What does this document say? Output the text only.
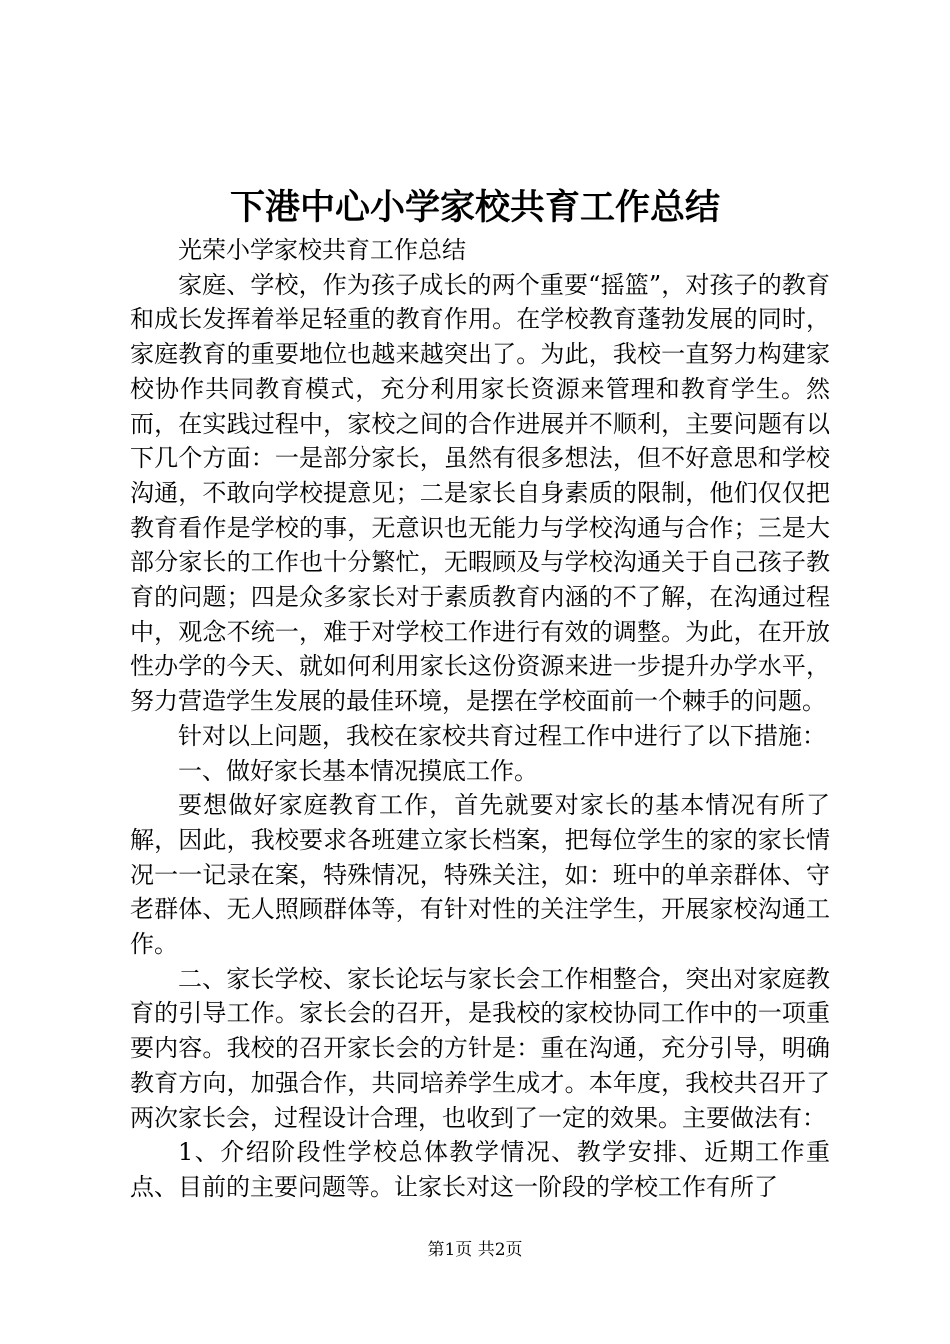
下港中心小学家校共育工作总结

光荣小学家校共育工作总结

家庭、学校，作为孩子成长的两个重要“摇篮”，对孩子的教育和成长发挥着举足轻重的教育作用。在学校教育蓬勃发展的同时，家庭教育的重要地位也越来越突出了。为此，我校一直努力构建家校协作共同教育模式，充分利用家长资源来管理和教育学生。然而，在实践过程中，家校之间的合作进展并不顺利，主要问题有以下几个方面：一是部分家长，虽然有很多想法，但不好意思和学校沟通，不敢向学校提意见；二是家长自身素质的限制，他们仅仅把教育看作是学校的事，无意识也无能力与学校沟通与合作；三是大部分家长的工作也十分繁忙，无暇顾及与学校沟通关于自己孩子教育的问题；四是众多家长对于素质教育内涵的不了解，在沟通过程中，观念不统一，难于对学校工作进行有效的调整。为此，在开放性办学的今天、就如何利用家长这份资源来进一步提升办学水平，努力营造学生发展的最佳环境，是摆在学校面前一个棘手的问题。

针对以上问题，我校在家校共育过程工作中进行了以下措施：

一、做好家长基本情况摸底工作。

要想做好家庭教育工作，首先就要对家长的基本情况有所了解，因此，我校要求各班建立家长档案，把每位学生的家的家长情况一一记录在案，特殊情况，特殊关注，如：班中的单亲群体、守老群体、无人照顾群体等，有针对性的关注学生，开展家校沟通工作。

二、家长学校、家长论坛与家长会工作相整合，突出对家庭教育的引导工作。家长会的召开，是我校的家校协同工作中的一项重要内容。我校的召开家长会的方针是：重在沟通，充分引导，明确教育方向，加强合作，共同培养学生成才。本年度，我校共召开了两次家长会，过程设计合理，也收到了一定的效果。主要做法有：

1、介绍阶段性学校总体教学情况、教学安排、近期工作重点、目前的主要问题等。让家长对这一阶段的学校工作有所了

第1页 共2页
